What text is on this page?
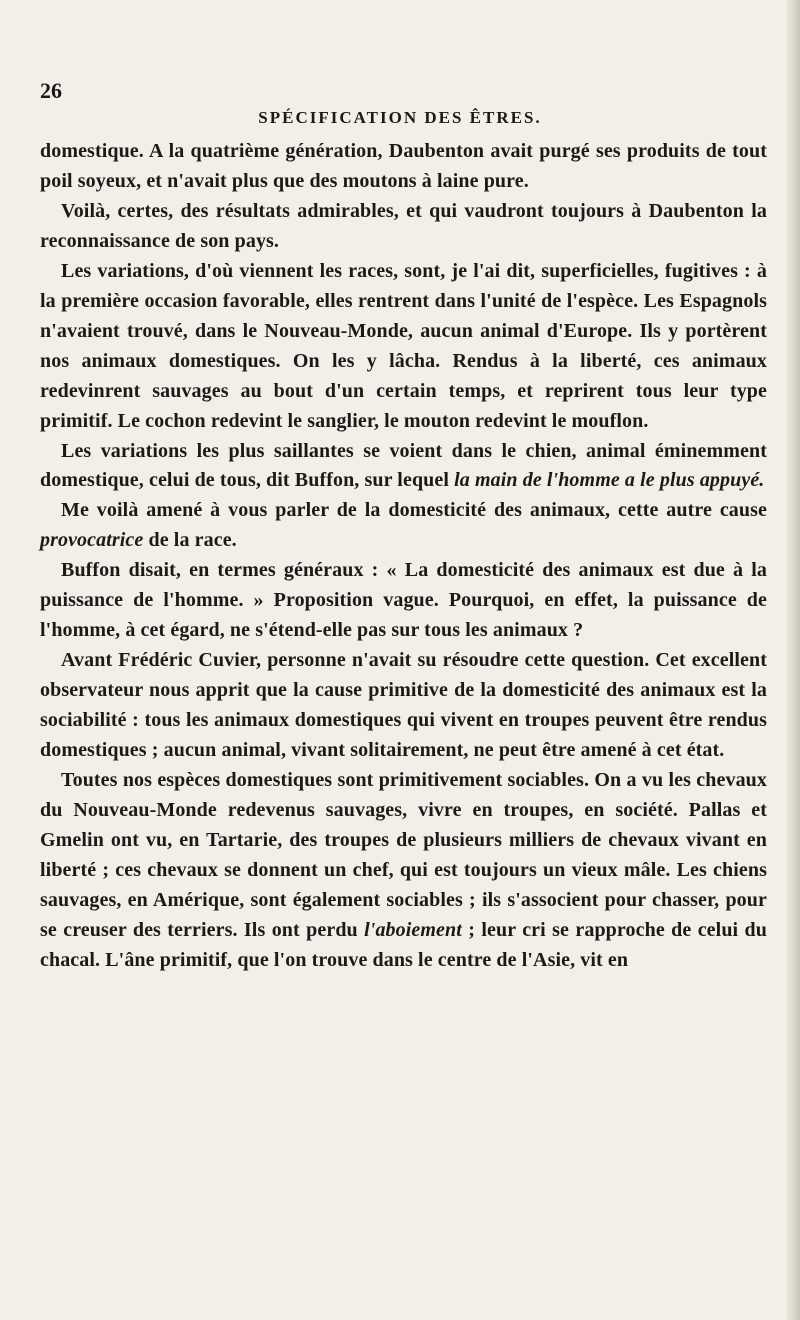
26
SPÉCIFICATION DES ÊTRES.

domestique. A la quatrième génération, Daubenton avait purgé ses produits de tout poil soyeux, et n'avait plus que des moutons à laine pure.

Voilà, certes, des résultats admirables, et qui vaudront toujours à Daubenton la reconnaissance de son pays.

Les variations, d'où viennent les races, sont, je l'ai dit, superficielles, fugitives : à la première occasion favorable, elles rentrent dans l'unité de l'espèce. Les Espagnols n'avaient trouvé, dans le Nouveau-Monde, aucun animal d'Europe. Ils y portèrent nos animaux domestiques. On les y lâcha. Rendus à la liberté, ces animaux redevinrent sauvages au bout d'un certain temps, et reprirent tous leur type primitif. Le cochon redevint le sanglier, le mouton redevint le mouflon.

Les variations les plus saillantes se voient dans le chien, animal éminemment domestique, celui de tous, dit Buffon, sur lequel la main de l'homme a le plus appuyé.

Me voilà amené à vous parler de la domesticité des animaux, cette autre cause provocatrice de la race.

Buffon disait, en termes généraux : « La domesticité des animaux est due à la puissance de l'homme. » Proposition vague. Pourquoi, en effet, la puissance de l'homme, à cet égard, ne s'étend-elle pas sur tous les animaux ?

Avant Frédéric Cuvier, personne n'avait su résoudre cette question. Cet excellent observateur nous apprit que la cause primitive de la domesticité des animaux est la sociabilité : tous les animaux domestiques qui vivent en troupes peuvent être rendus domestiques ; aucun animal, vivant solitairement, ne peut être amené à cet état.

Toutes nos espèces domestiques sont primitivement sociables. On a vu les chevaux du Nouveau-Monde redevenus sauvages, vivre en troupes, en société. Pallas et Gmelin ont vu, en Tartarie, des troupes de plusieurs milliers de chevaux vivant en liberté ; ces chevaux se donnent un chef, qui est toujours un vieux mâle. Les chiens sauvages, en Amérique, sont également sociables ; ils s'associent pour chasser, pour se creuser des terriers. Ils ont perdu l'aboiement ; leur cri se rapproche de celui du chacal. L'âne primitif, que l'on trouve dans le centre de l'Asie, vit en
